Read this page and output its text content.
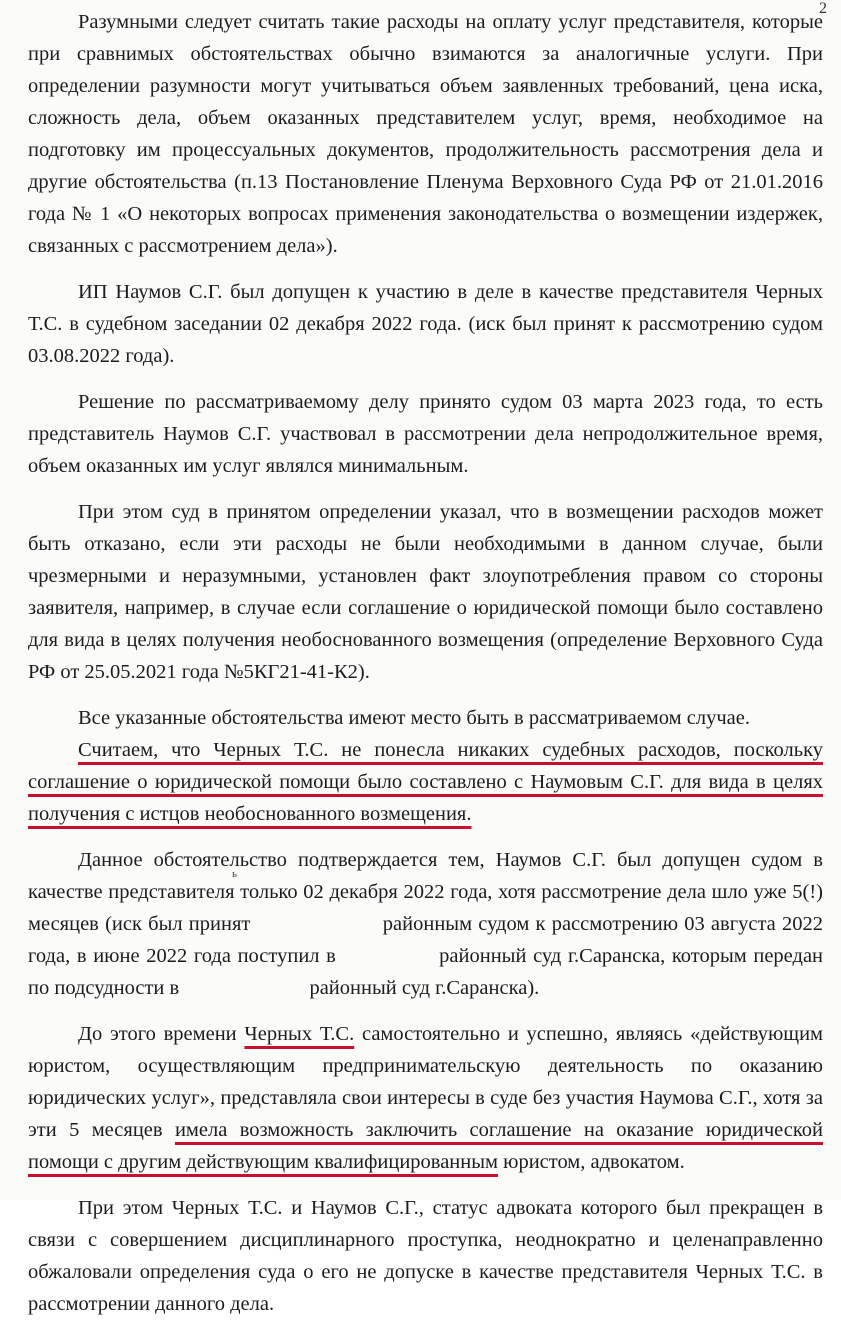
2

Разумными следует считать такие расходы на оплату услуг представителя, которые при сравнимых обстоятельствах обычно взимаются за аналогичные услуги. При определении разумности могут учитываться объем заявленных требований, цена иска, сложность дела, объем оказанных представителем услуг, время, необходимое на подготовку им процессуальных документов, продолжительность рассмотрения дела и другие обстоятельства (п.13 Постановление Пленума Верховного Суда РФ от 21.01.2016 года № 1 «О некоторых вопросах применения законодательства о возмещении издержек, связанных с рассмотрением дела»).

ИП Наумов С.Г. был допущен к участию в деле в качестве представителя Черных Т.С. в судебном заседании 02 декабря 2022 года. (иск был принят к рассмотрению судом 03.08.2022 года).

Решение по рассматриваемому делу принято судом 03 марта 2023 года, то есть представитель Наумов С.Г. участвовал в рассмотрении дела непродолжительное время, объем оказанных им услуг являлся минимальным.

При этом суд в принятом определении указал, что в возмещении расходов может быть отказано, если эти расходы не были необходимыми в данном случае, были чрезмерными и неразумными, установлен факт злоупотребления правом со стороны заявителя, например, в случае если соглашение о юридической помощи было составлено для вида в целях получения необоснованного возмещения (определение Верховного Суда РФ от 25.05.2021 года №5КГ21-41-К2).

Все указанные обстоятельства имеют место быть в рассматриваемом случае.

Считаем, что Черных Т.С. не понесла никаких судебных расходов, поскольку соглашение о юридической помощи было составлено с Наумовым С.Г. для вида в целях получения с истцов необоснованного возмещения.

Данное обстоятельство подтверждается тем, Наумов С.Г. был допущен судом в качестве представителя только 02 декабря 2022 года, хотя рассмотрение дела шло уже 5(!) месяцев (иск был принят	районным судом к рассмотрению 03 августа 2022 года, в июне 2022 года поступил в	районный суд г.Саранска, которым передан по подсудности в	районный суд г.Саранска).

До этого времени Черных Т.С. самостоятельно и успешно, являясь «действующим юристом, осуществляющим предпринимательскую деятельность по оказанию юридических услуг», представляла свои интересы в суде без участия Наумова С.Г., хотя за эти 5 месяцев имела возможность заключить соглашение на оказание юридической помощи с другим действующим квалифицированным юристом, адвокатом.

При этом Черных Т.С. и Наумов С.Г., статус адвоката которого был прекращен в связи с совершением дисциплинарного проступка, неоднократно и целенаправленно обжаловали определения суда о его не допуске в качестве представителя Черных Т.С. в рассмотрении данного дела.

ь
